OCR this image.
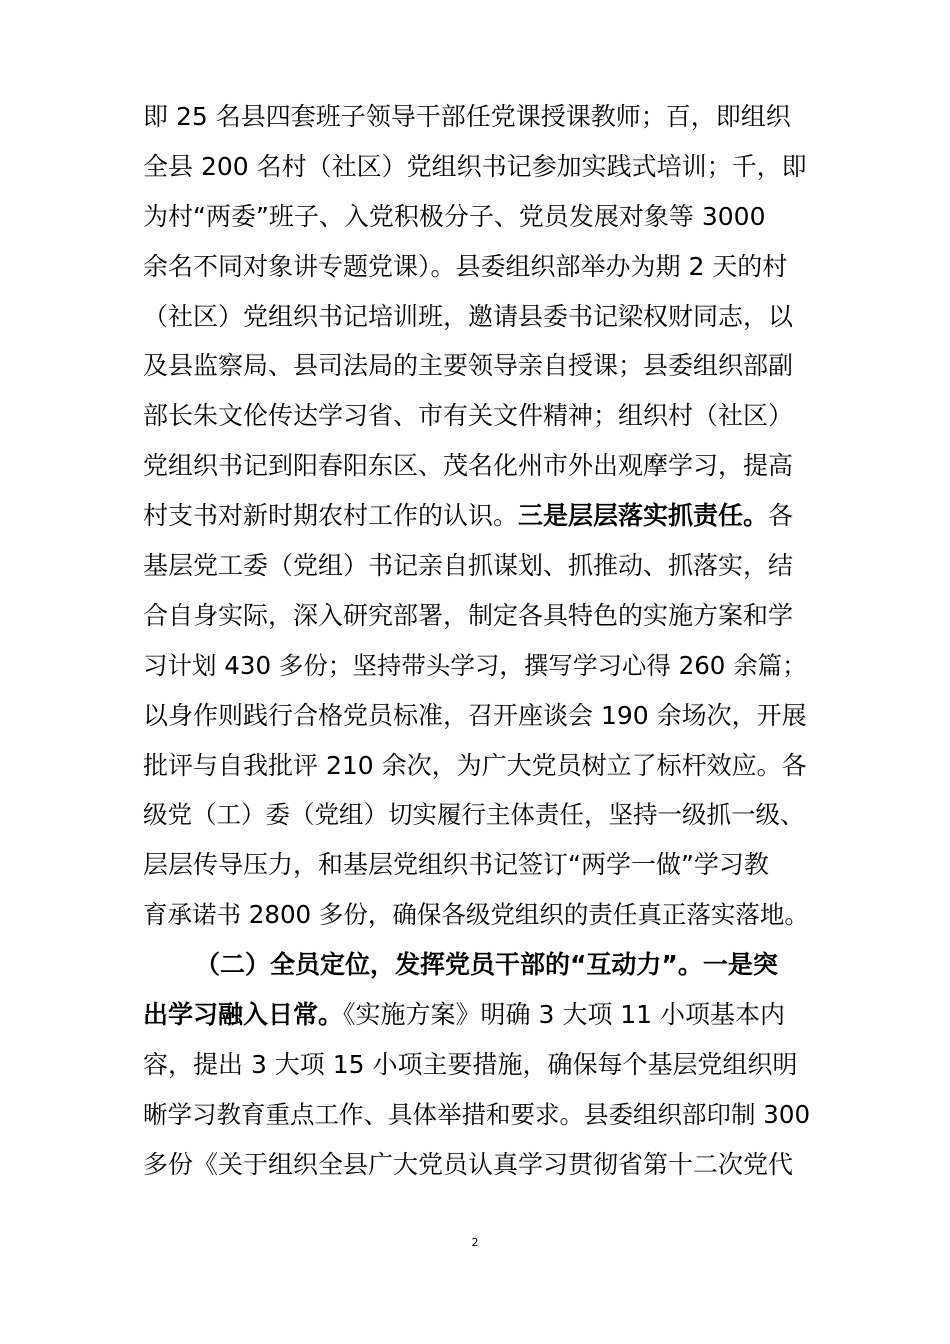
即 25 名县四套班子领导干部任党课授课教师；百，即组织
全县 200 名村（社区）党组织书记参加实践式培训；千，即
为村“两委”班子、入党积极分子、党员发展对象等 3000
余名不同对象讲专题党课）。县委组织部举办为期 2 天的村
（社区）党组织书记培训班，邀请县委书记梁权财同志，以
及县监察局、县司法局的主要领导亲自授课；县委组织部副
部长朱文伦传达学习省、市有关文件精神；组织村（社区）
党组织书记到阳春阳东区、茂名化州市外出观摩学习，提高
村支书对新时期农村工作的认识。三是层层落实抓责任。各
基层党工委（党组）书记亲自抓谋划、抓推动、抓落实，结
合自身实际，深入研究部署，制定各具特色的实施方案和学
习计划 430 多份；坚持带头学习，撰写学习心得 260 余篇；
以身作则践行合格党员标准，召开座谈会 190 余场次，开展
批评与自我批评 210 余次，为广大党员树立了标杆效应。各
级党（工）委（党组）切实履行主体责任，坚持一级抓一级、
层层传导压力，和基层党组织书记签订“两学一做”学习教
育承诺书 2800 多份，确保各级党组织的责任真正落实落地。
（二）全员定位，发挥党员干部的“互动力”。一是突
出学习融入日常。《实施方案》明确 3 大项 11 小项基本内
容，提出 3 大项 15 小项主要措施，确保每个基层党组织明
晰学习教育重点工作、具体举措和要求。县委组织部印制 300
多份《关于组织全县广大党员认真学习贯彻省第十二次党代
2
